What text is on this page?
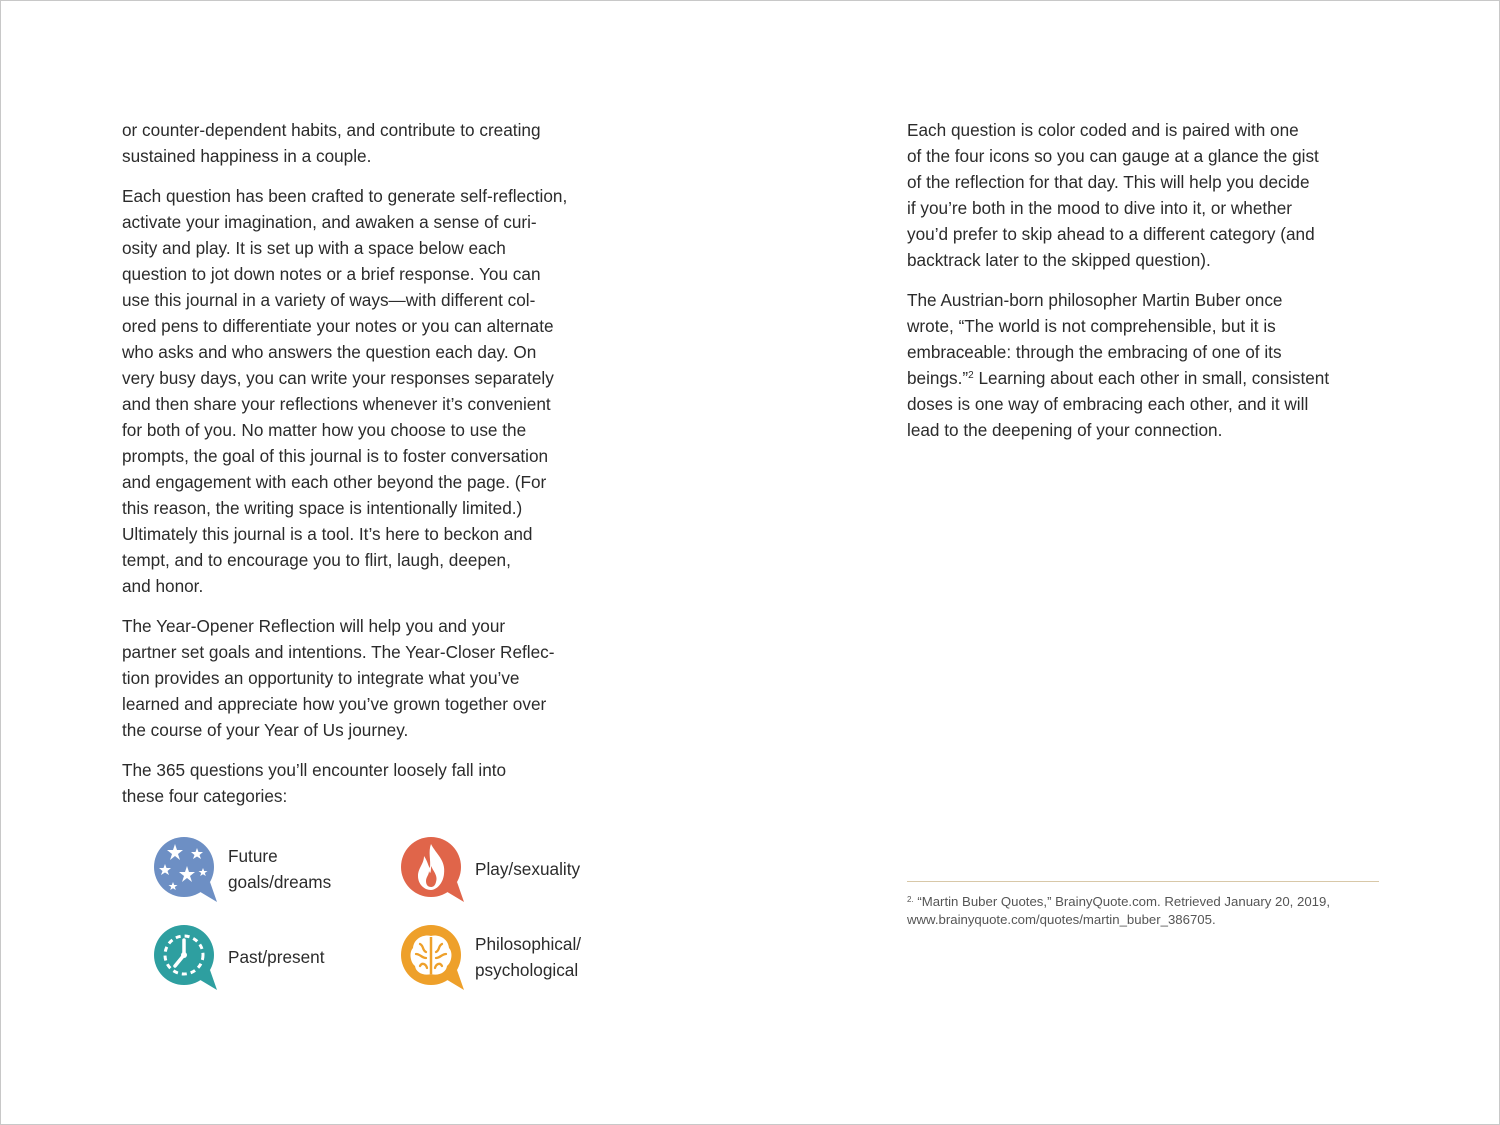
or counter-dependent habits, and contribute to creating
sustained happiness in a couple.

Each question has been crafted to generate self-reflection,
activate your imagination, and awaken a sense of curi-
osity and play. It is set up with a space below each
question to jot down notes or a brief response. You can
use this journal in a variety of ways—with different col-
ored pens to differentiate your notes or you can alternate
who asks and who answers the question each day. On
very busy days, you can write your responses separately
and then share your reflections whenever it’s convenient
for both of you. No matter how you choose to use the
prompts, the goal of this journal is to foster conversation
and engagement with each other beyond the page. (For
this reason, the writing space is intentionally limited.)
Ultimately this journal is a tool. It’s here to beckon and
tempt, and to encourage you to flirt, laugh, deepen,
and honor.

The Year-Opener Reflection will help you and your
partner set goals and intentions. The Year-Closer Reflec-
tion provides an opportunity to integrate what you’ve
learned and appreciate how you’ve grown together over
the course of your Year of Us journey.

The 365 questions you’ll encounter loosely fall into
these four categories:

Future
goals/dreams
Play/sexuality
Past/present
Philosophical/
psychological

Each question is color coded and is paired with one
of the four icons so you can gauge at a glance the gist
of the reflection for that day. This will help you decide
if you’re both in the mood to dive into it, or whether
you’d prefer to skip ahead to a different category (and
backtrack later to the skipped question).

The Austrian-born philosopher Martin Buber once
wrote, “The world is not comprehensible, but it is
embraceable: through the embracing of one of its
beings.”$^2$ Learning about each other in small, consistent
doses is one way of embracing each other, and it will
lead to the deepening of your connection.

$^{2.}$ “Martin Buber Quotes,” BrainyQuote.com. Retrieved January 20, 2019,
www.brainyquote.com/quotes/martin_buber_386705.
